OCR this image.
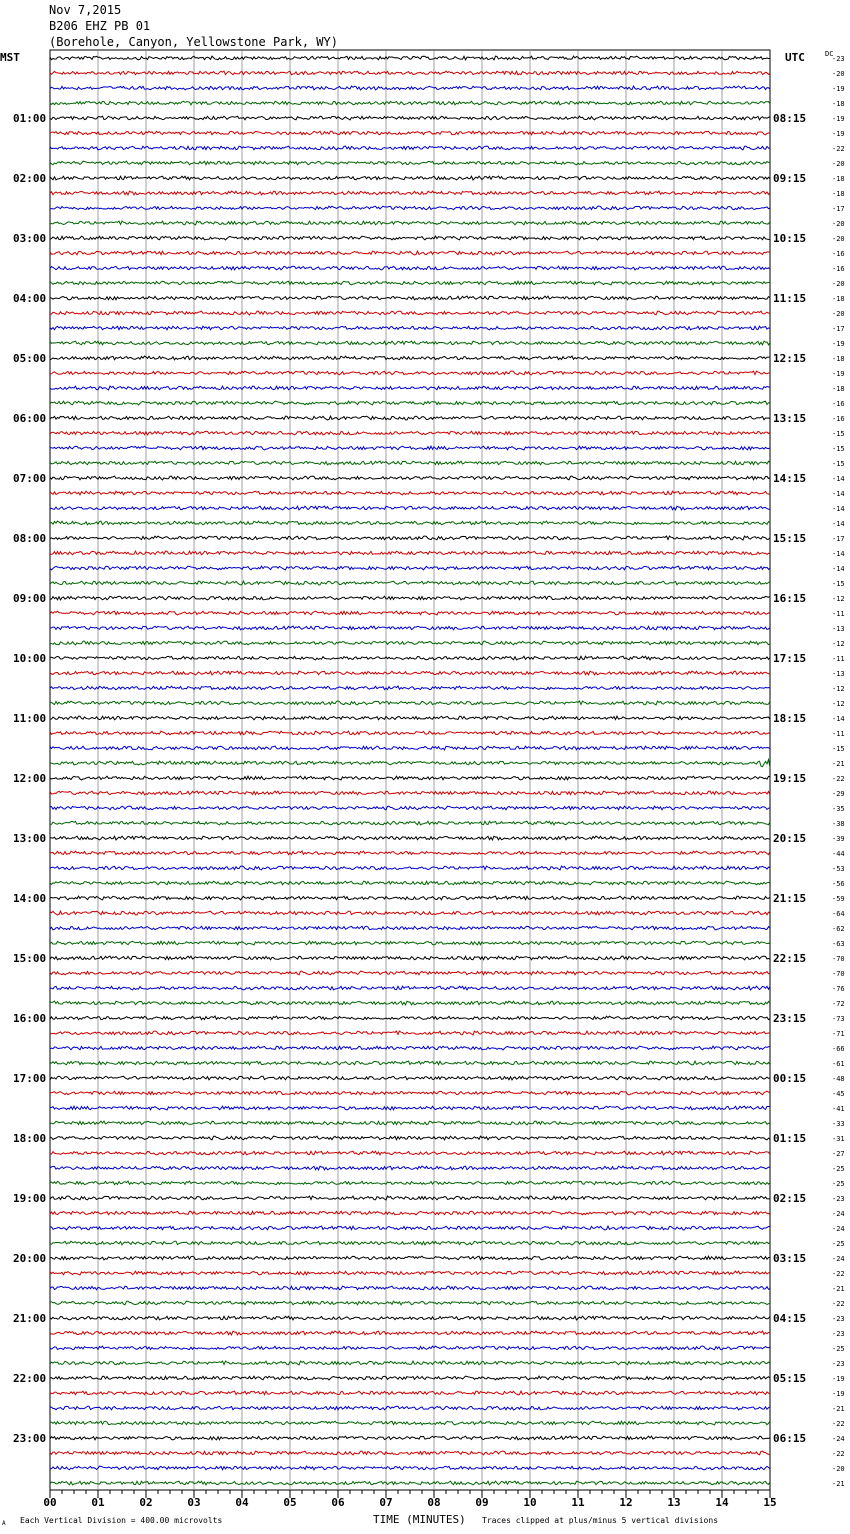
Nov 7,2015
B206 EHZ PB 01
(Borehole, Canyon, Yellowstone Park, WY)
00	01	02	03	04	05	06	07	08	09	10	11	12	13	14	15
-23
-20
-19
-18
-19
01:00	08:15
-19
-22
-20
-18
02:00	09:15
-18
-17
-20
-20
03:00	10:15
-16
-16
-20
-18
04:00	11:15
-20
-17
-19
-18
05:00	12:15
-19
-18
-16
-16
06:00	13:15
-15
-15
-15
-14
07:00	14:15
-14
-14
-14
-17
08:00	15:15
-14
-14
-15
-12
09:00	16:15
-11
-13
-12
-11
10:00	17:15
-13
-12
-12
-14
11:00	18:15
-11
-15
-21
-22
12:00	19:15
-29
-35
-38
-39
13:00	20:15
-44
-53
-56
-59
14:00	21:15
-64
-62
-63
-70
15:00	22:15
-70
-76
-72
-73
16:00	23:15
-71
-66
-61
-48
17:00	00:15
-45
-41
-33
-31
18:00	01:15
-27
-25
-25
-23
19:00	02:15
-24
-24
-25
-24
20:00	03:15
-22
-21
-22
-23
21:00	04:15
-23
-25
-23
-19
22:00	05:15
-19
-21
-22
-24
23:00	06:15
-22
-20
-21
MST	UTC	DC
TIME (MINUTES)
Each Vertical Division = 400.00 microvolts	Traces clipped at plus/minus 5 vertical divisions
A
